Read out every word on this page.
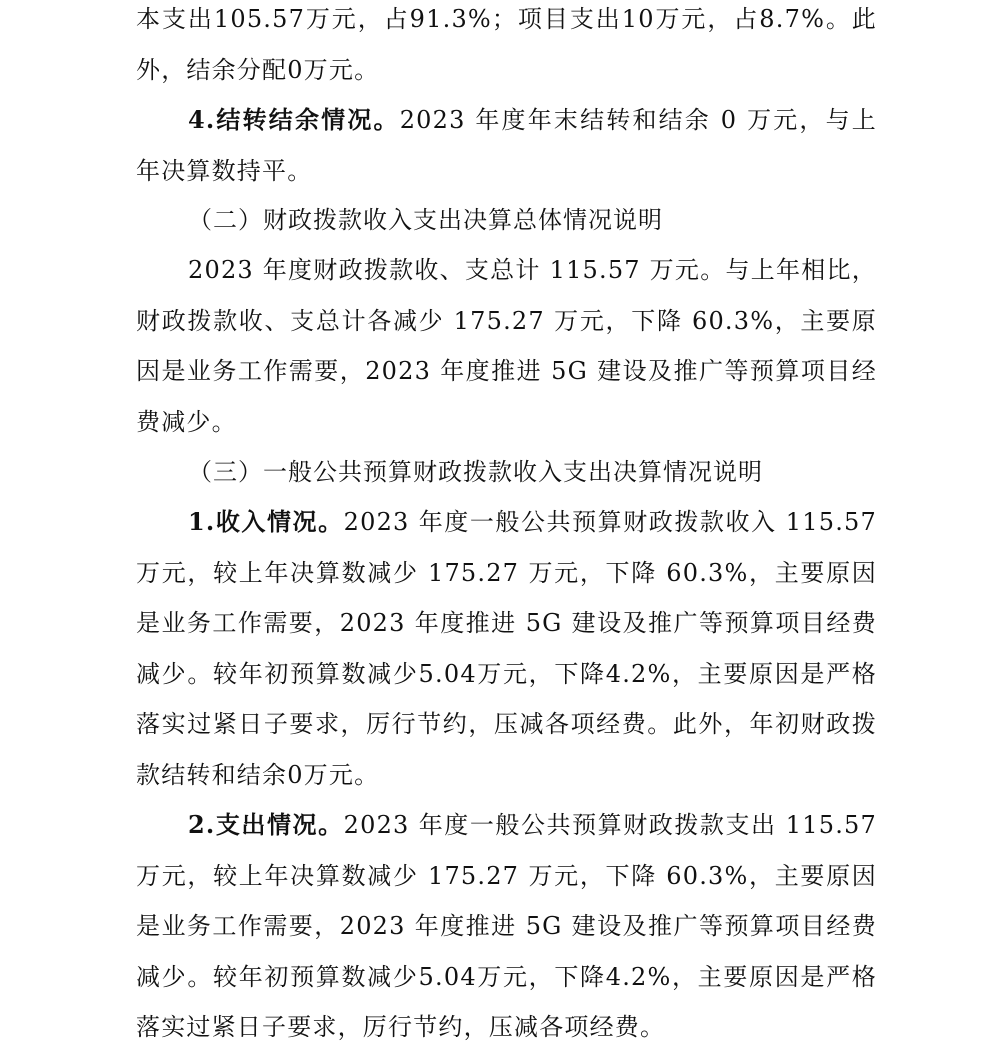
本支出105.57万元，占91.3%；项目支出10万元，占8.7%。此外，结余分配0万元。

4.结转结余情况。2023 年度年末结转和结余 0 万元，与上年决算数持平。

（二）财政拨款收入支出决算总体情况说明

2023 年度财政拨款收、支总计 115.57 万元。与上年相比，财政拨款收、支总计各减少 175.27 万元，下降 60.3%，主要原因是业务工作需要，2023 年度推进 5G 建设及推广等预算项目经费减少。

（三）一般公共预算财政拨款收入支出决算情况说明

1.收入情况。2023 年度一般公共预算财政拨款收入 115.57 万元，较上年决算数减少 175.27 万元，下降 60.3%，主要原因是业务工作需要，2023 年度推进 5G 建设及推广等预算项目经费减少。较年初预算数减少5.04万元，下降4.2%，主要原因是严格落实过紧日子要求，厉行节约，压减各项经费。此外，年初财政拨款结转和结余0万元。

2.支出情况。2023 年度一般公共预算财政拨款支出 115.57 万元，较上年决算数减少 175.27 万元，下降 60.3%，主要原因是业务工作需要，2023 年度推进 5G 建设及推广等预算项目经费减少。较年初预算数减少5.04万元，下降4.2%，主要原因是严格落实过紧日子要求，厉行节约，压减各项经费。
